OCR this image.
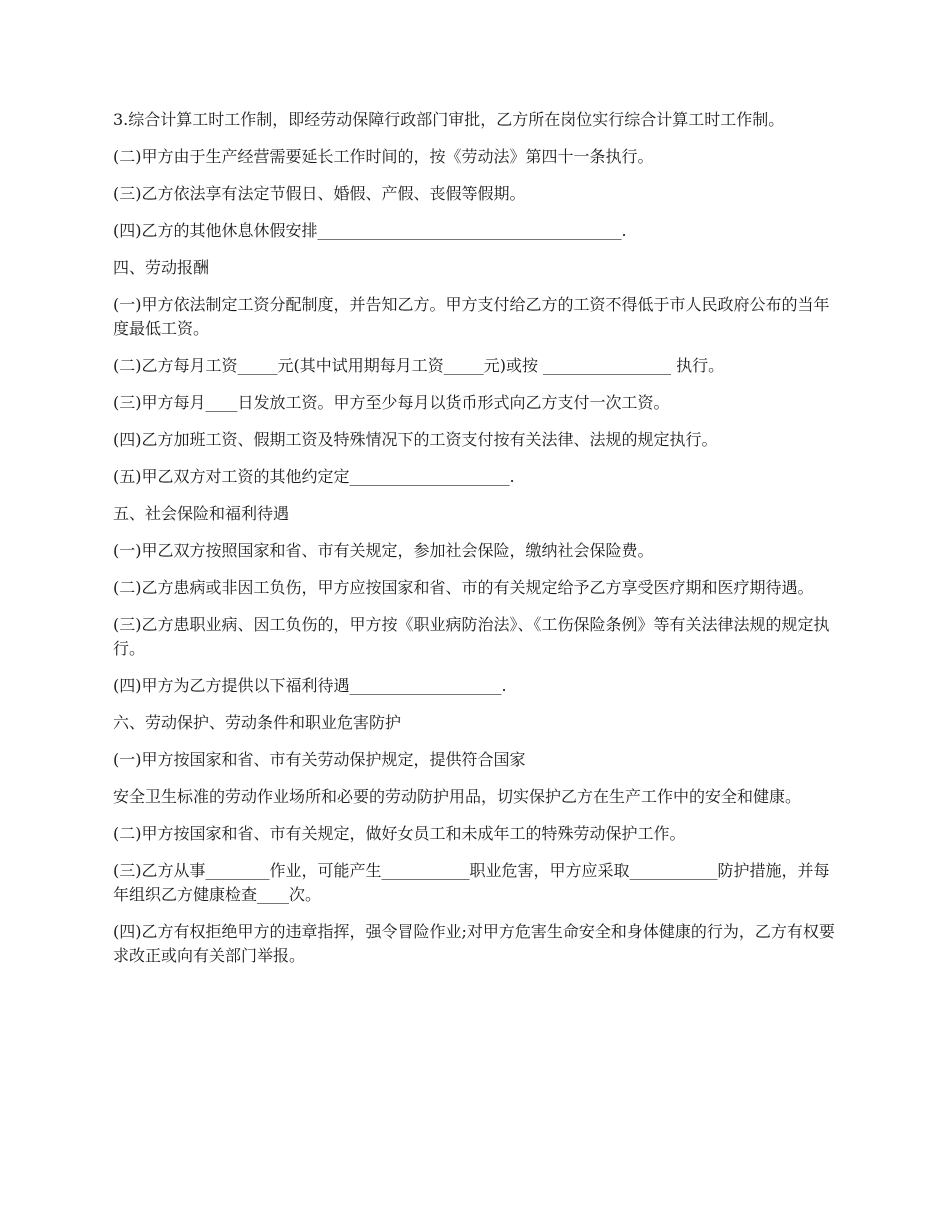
3.综合计算工时工作制，即经劳动保障行政部门审批，乙方所在岗位实行综合计算工时工作制。

(二)甲方由于生产经营需要延长工作时间的，按《劳动法》第四十一条执行。

(三)乙方依法享有法定节假日、婚假、产假、丧假等假期。

(四)乙方的其他休息休假安排______________________________________.

四、劳动报酬

(一)甲方依法制定工资分配制度，并告知乙方。甲方支付给乙方的工资不得低于市人民政府公布的当年度最低工资。

(二)乙方每月工资_____元(其中试用期每月工资_____元)或按 ________________ 执行。

(三)甲方每月____日发放工资。甲方至少每月以货币形式向乙方支付一次工资。

(四)乙方加班工资、假期工资及特殊情况下的工资支付按有关法律、法规的规定执行。

(五)甲乙双方对工资的其他约定定____________________.

五、社会保险和福利待遇

(一)甲乙双方按照国家和省、市有关规定，参加社会保险，缴纳社会保险费。

(二)乙方患病或非因工负伤，甲方应按国家和省、市的有关规定给予乙方享受医疗期和医疗期待遇。

(三)乙方患职业病、因工负伤的，甲方按《职业病防治法》、《工伤保险条例》等有关法律法规的规定执行。

(四)甲方为乙方提供以下福利待遇___________________.

六、劳动保护、劳动条件和职业危害防护

(一)甲方按国家和省、市有关劳动保护规定，提供符合国家

安全卫生标准的劳动作业场所和必要的劳动防护用品，切实保护乙方在生产工作中的安全和健康。

(二)甲方按国家和省、市有关规定，做好女员工和未成年工的特殊劳动保护工作。

(三)乙方从事________作业，可能产生___________职业危害，甲方应采取___________防护措施，并每年组织乙方健康检查____次。

(四)乙方有权拒绝甲方的违章指挥，强令冒险作业;对甲方危害生命安全和身体健康的行为，乙方有权要求改正或向有关部门举报。
